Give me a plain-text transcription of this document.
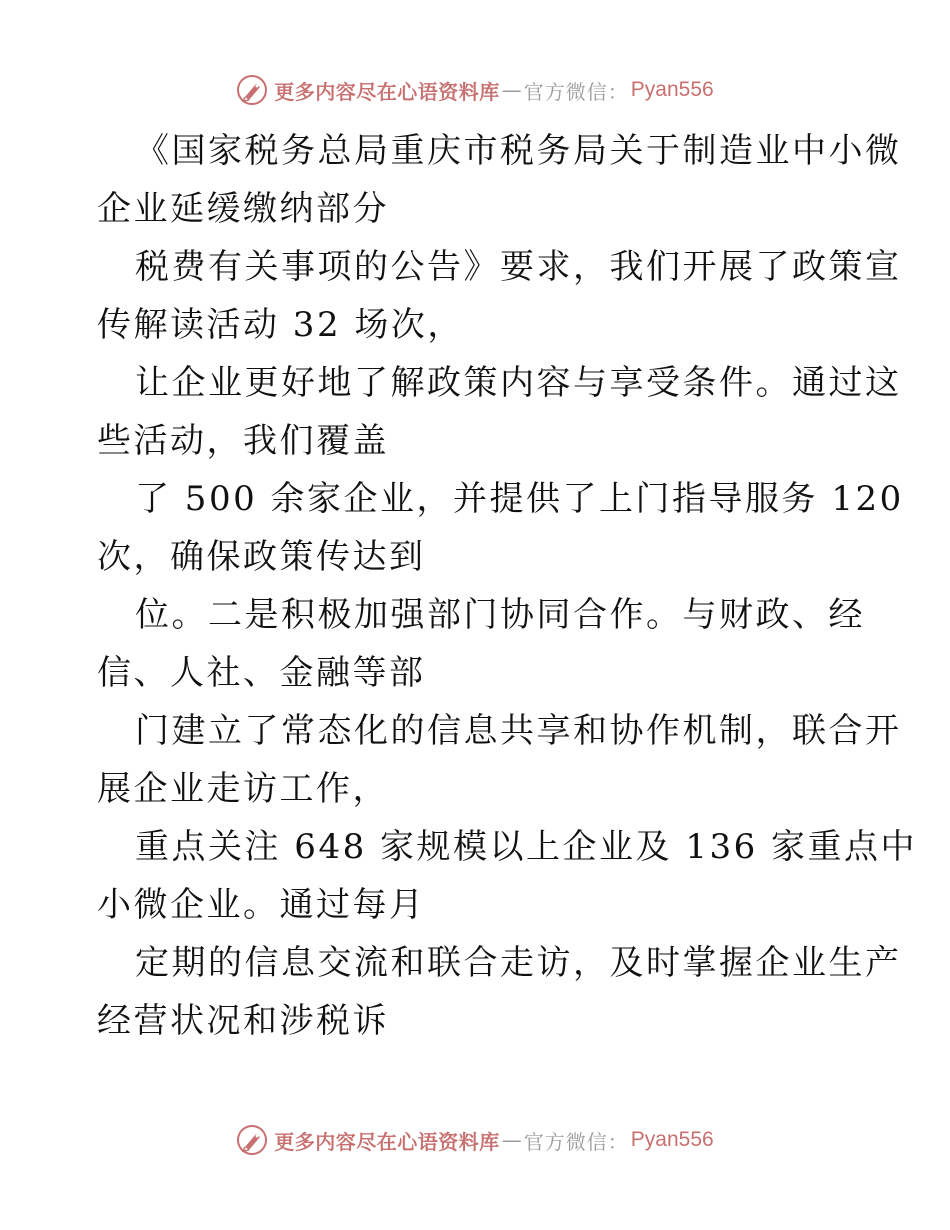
更多内容尽在心语资料库 — 官方微信： Pyan556
《国家税务总局重庆市税务局关于制造业中小微
企业延缓缴纳部分
税费有关事项的公告》要求，我们开展了政策宣
传解读活动 32 场次，
让企业更好地了解政策内容与享受条件。通过这
些活动，我们覆盖
了 500 余家企业，并提供了上门指导服务 120
次，确保政策传达到
位。二是积极加强部门协同合作。与财政、经
信、人社、金融等部
门建立了常态化的信息共享和协作机制，联合开
展企业走访工作，
重点关注 648 家规模以上企业及 136 家重点中
小微企业。通过每月
定期的信息交流和联合走访，及时掌握企业生产
经营状况和涉税诉
更多内容尽在心语资料库 — 官方微信： Pyan556
